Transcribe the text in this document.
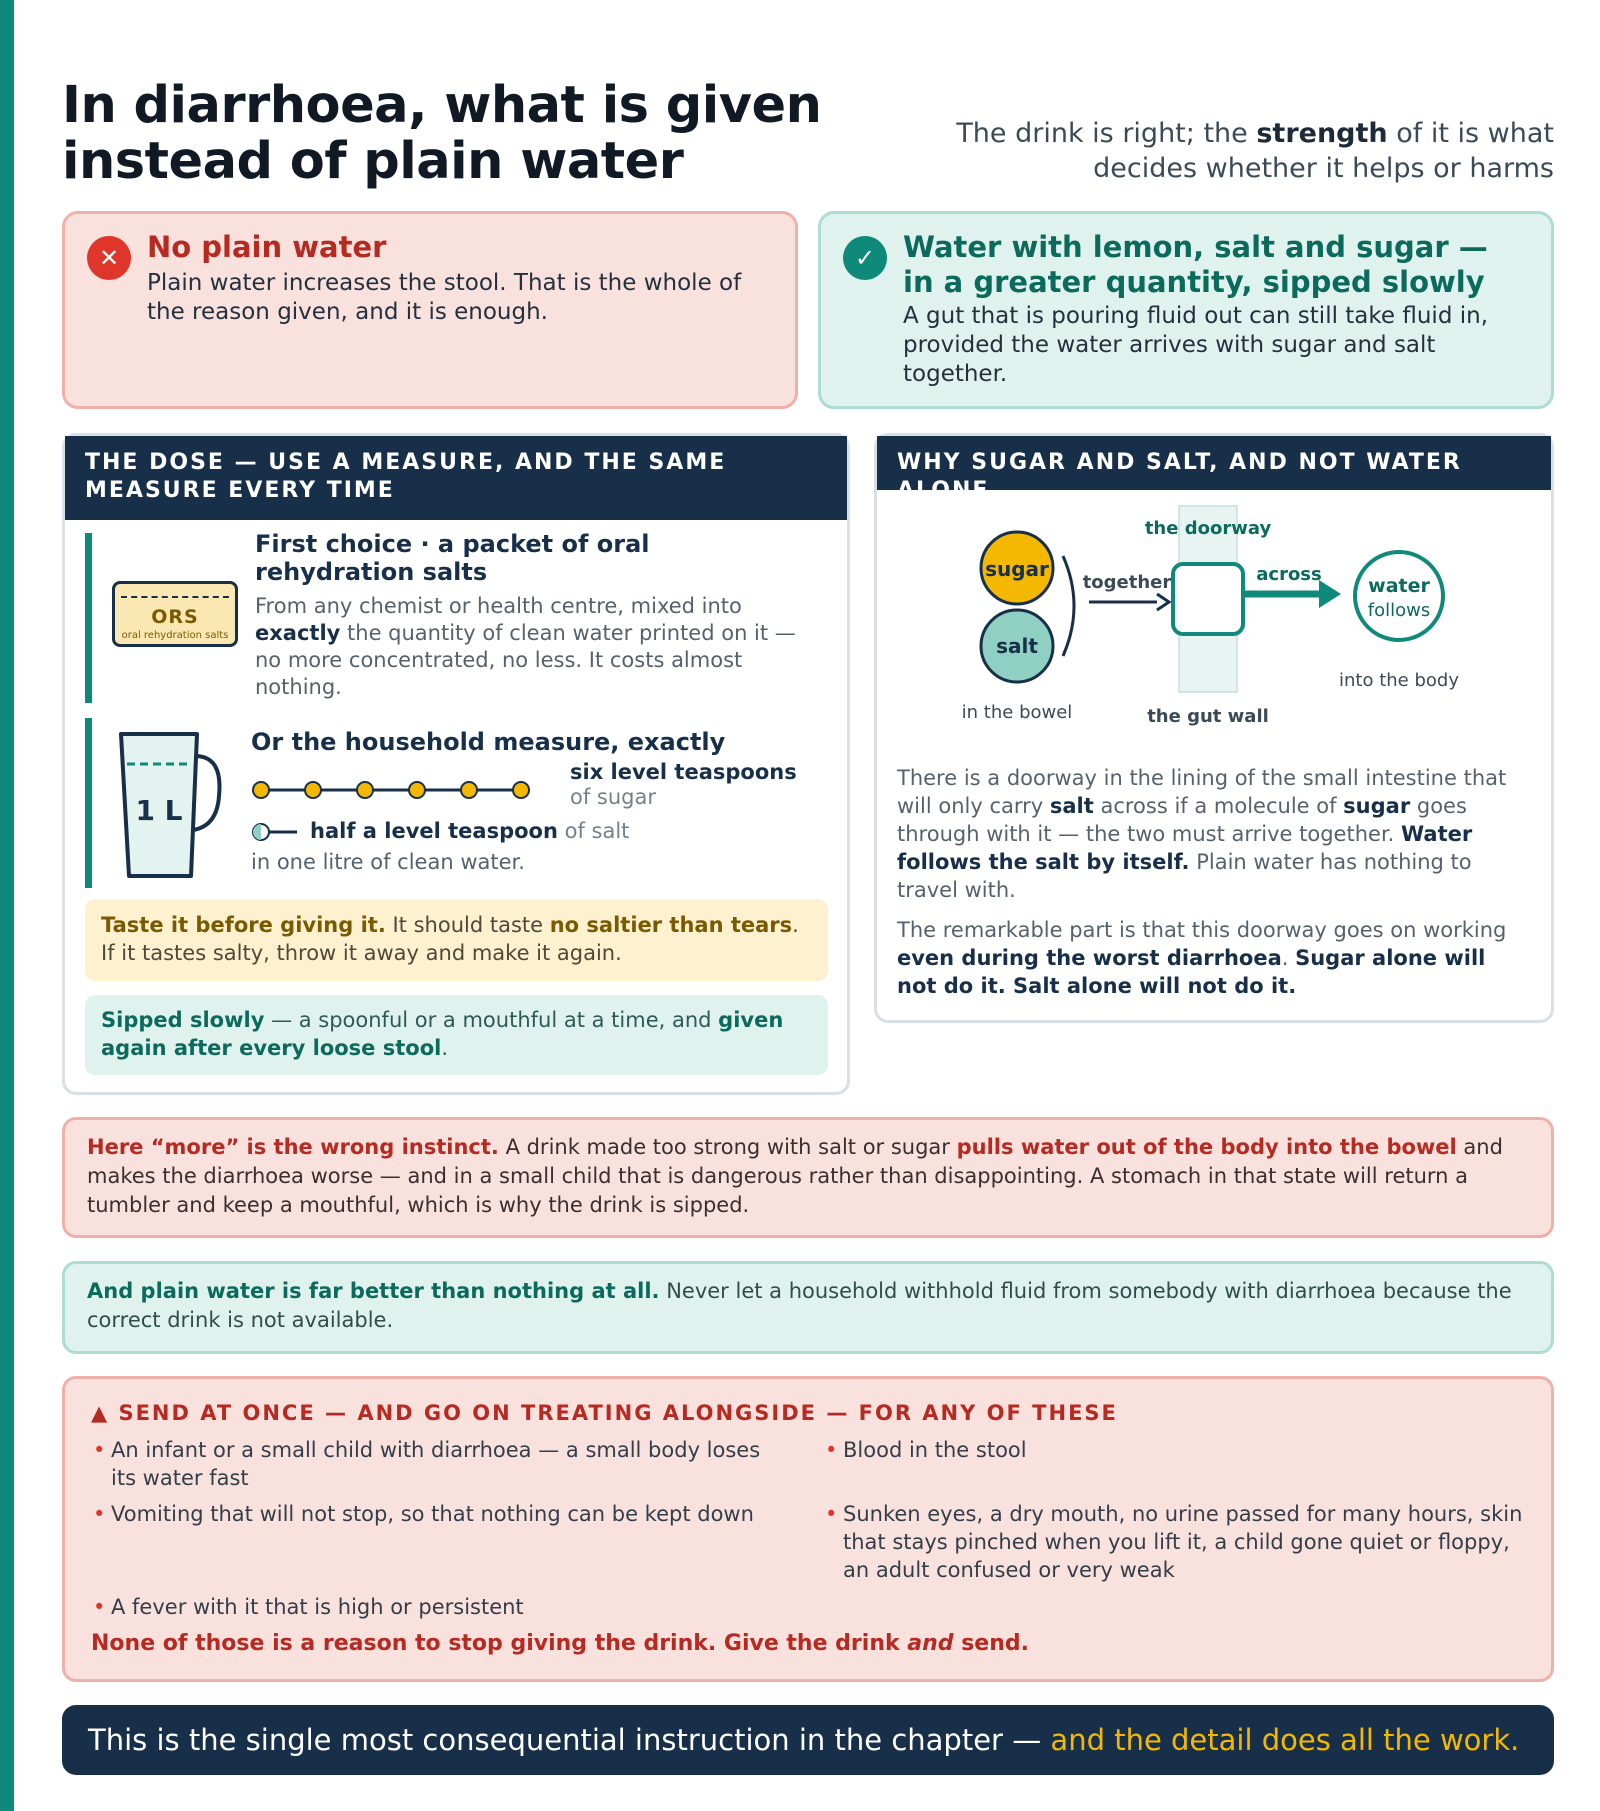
In diarrhoea, what is given instead of plain water	The drink is right; the strength of it is what decides whether it helps or harms

✕ No plain water
Plain water increases the stool. That is the whole of the reason given, and it is enough.
✓ Water with lemon, salt and sugar — in a greater quantity, sipped slowly
A gut that is pouring fluid out can still take fluid in, provided the water arrives with sugar and salt together.
THE DOSE — USE A MEASURE, AND THE SAME MEASURE EVERY TIME
ORS
oral rehydration salts
First choice · a packet of oral rehydration salts
From any chemist or health centre, mixed into exactly the quantity of clean water printed on it — no more concentrated, no less. It costs almost nothing.
1 L
Or the household measure, exactly
six level teaspoons of sugar
half a level teaspoon of salt
in one litre of clean water.
Taste it before giving it. It should taste no saltier than tears. If it tastes salty, throw it away and make it again.
Sipped slowly — a spoonful or a mouthful at a time, and given again after every loose stool.
WHY SUGAR AND SALT, AND NOT WATER ALONE
sugar
salt
in the bowel
together
the doorway
across
the gut wall
water
follows
into the body

There is a doorway in the lining of the small intestine that will only carry salt across if a molecule of sugar goes through with it — the two must arrive together. Water follows the salt by itself. Plain water has nothing to travel with.

The remarkable part is that this doorway goes on working even during the worst diarrhoea. Sugar alone will not do it. Salt alone will not do it.

Here “more” is the wrong instinct. A drink made too strong with salt or sugar pulls water out of the body into the bowel and makes the diarrhoea worse — and in a small child that is dangerous rather than disappointing. A stomach in that state will return a tumbler and keep a mouthful, which is why the drink is sipped.
And plain water is far better than nothing at all. Never let a household withhold fluid from somebody with diarrhoea because the correct drink is not available.
▲ SEND AT ONCE — AND GO ON TREATING ALONGSIDE — FOR ANY OF THESE
• An infant or a small child with diarrhoea — a small body loses its water fast
• Blood in the stool
• Vomiting that will not stop, so that nothing can be kept down
•	Sunken eyes, a dry mouth, no urine passed for many hours, skin that stays pinched when you lift it, a child gone quiet or floppy, an adult confused or very weak
• A fever with it that is high or persistent
None of those is a reason to stop giving the drink. Give the drink and send.
This is the single most consequential instruction in the chapter — and the detail does all the work.
